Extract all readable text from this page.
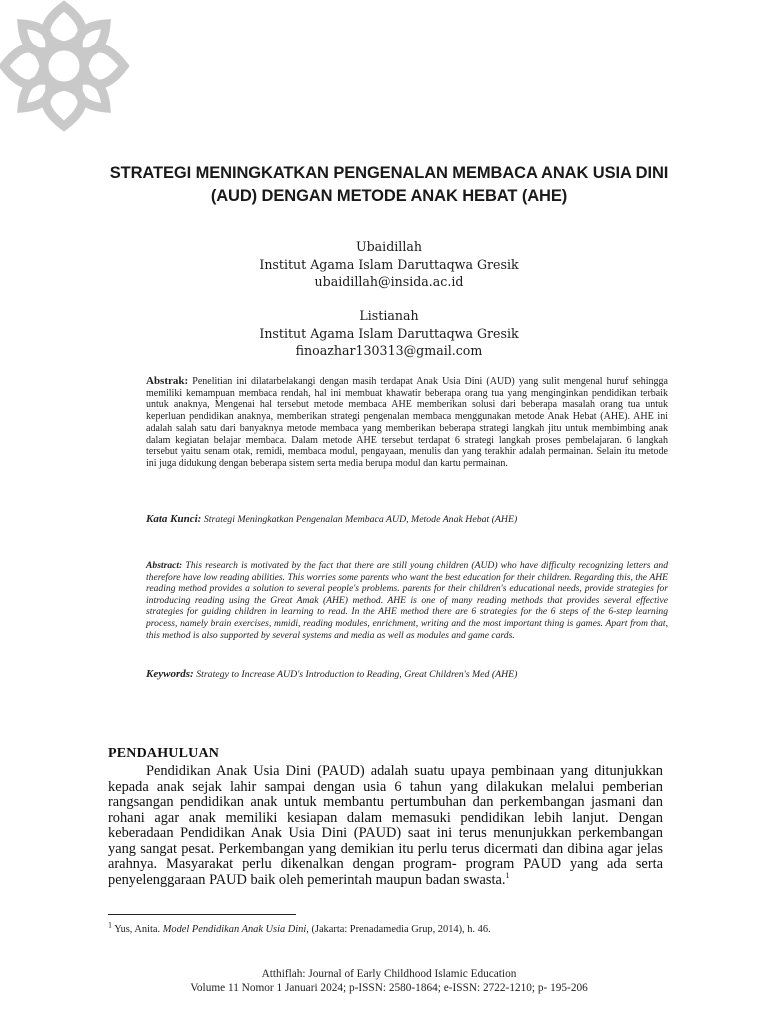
STRATEGI MENINGKATKAN PENGENALAN MEMBACA ANAK USIA DINI
(AUD) DENGAN METODE ANAK HEBAT (AHE)
Ubaidillah
Institut Agama Islam Daruttaqwa Gresik
ubaidillah@insida.ac.id
Listianah
Institut Agama Islam Daruttaqwa Gresik
finoazhar130313@gmail.com
Abstrak: Penelitian ini dilatarbelakangi dengan masih terdapat Anak Usia Dini (AUD) yang sulit mengenal huruf sehingga memiliki kemampuan membaca rendah, hal ini membuat khawatir beberapa orang tua yang menginginkan pendidikan terbaik untuk anaknya, Mengenai hal tersebut metode membaca AHE memberikan solusi dari beberapa masalah orang tua untuk keperluan pendidikan anaknya, memberikan strategi pengenalan membaca menggunakan metode Anak Hebat (AHE). AHE ini adalah salah satu dari banyaknya metode membaca yang memberikan beberapa strategi langkah jitu untuk membimbing anak dalam kegiatan belajar membaca. Dalam metode AHE tersebut terdapat 6 strategi langkah proses pembelajaran. 6 langkah tersebut yaitu senam otak, remidi, membaca modul, pengayaan, menulis dan yang terakhir adalah permainan. Selain itu metode ini juga didukung dengan beberapa sistem serta media berupa modul dan kartu permainan.
Kata Kunci: Strategi Meningkatkan Pengenalan Membaca AUD, Metode Anak Hebat (AHE)
Abstract: This research is motivated by the fact that there are still young children (AUD) who have difficulty recognizing letters and therefore have low reading abilities. This worries some parents who want the best education for their children. Regarding this, the AHE reading method provides a solution to several people's problems. parents for their children's educational needs, provide strategies for introducing reading using the Great Amak (AHE) method. AHE is one of many reading methods that provides several effective strategies for guiding children in learning to read. In the AHE method there are 6 strategies for the 6 steps of the 6-step learning process, namely brain exercises, mmidi, reading modules, enrichment, writing and the most important thing is games. Apart from that, this method is also supported by several systems and media as well as modules and game cards.
Keywords: Strategy to Increase AUD's Introduction to Reading, Great Children's Med (AHE)
PENDAHULUAN
Pendidikan Anak Usia Dini (PAUD) adalah suatu upaya pembinaan yang ditunjukkan kepada anak sejak lahir sampai dengan usia 6 tahun yang dilakukan melalui pemberian rangsangan pendidikan anak untuk membantu pertumbuhan dan perkembangan jasmani dan rohani agar anak memiliki kesiapan dalam memasuki pendidikan lebih lanjut. Dengan keberadaan Pendidikan Anak Usia Dini (PAUD) saat ini terus menunjukkan perkembangan yang sangat pesat. Perkembangan yang demikian itu perlu terus dicermati dan dibina agar jelas arahnya. Masyarakat perlu dikenalkan dengan program- program PAUD yang ada serta penyelenggaraan PAUD baik oleh pemerintah maupun badan swasta.$^1$
$^1$ Yus, Anita. Model Pendidikan Anak Usia Dini, (Jakarta: Prenadamedia Grup, 2014), h. 46.
Atthiflah: Journal of Early Childhood Islamic Education
Volume 11 Nomor 1 Januari 2024; p-ISSN: 2580-1864; e-ISSN: 2722-1210; p- 195-206
